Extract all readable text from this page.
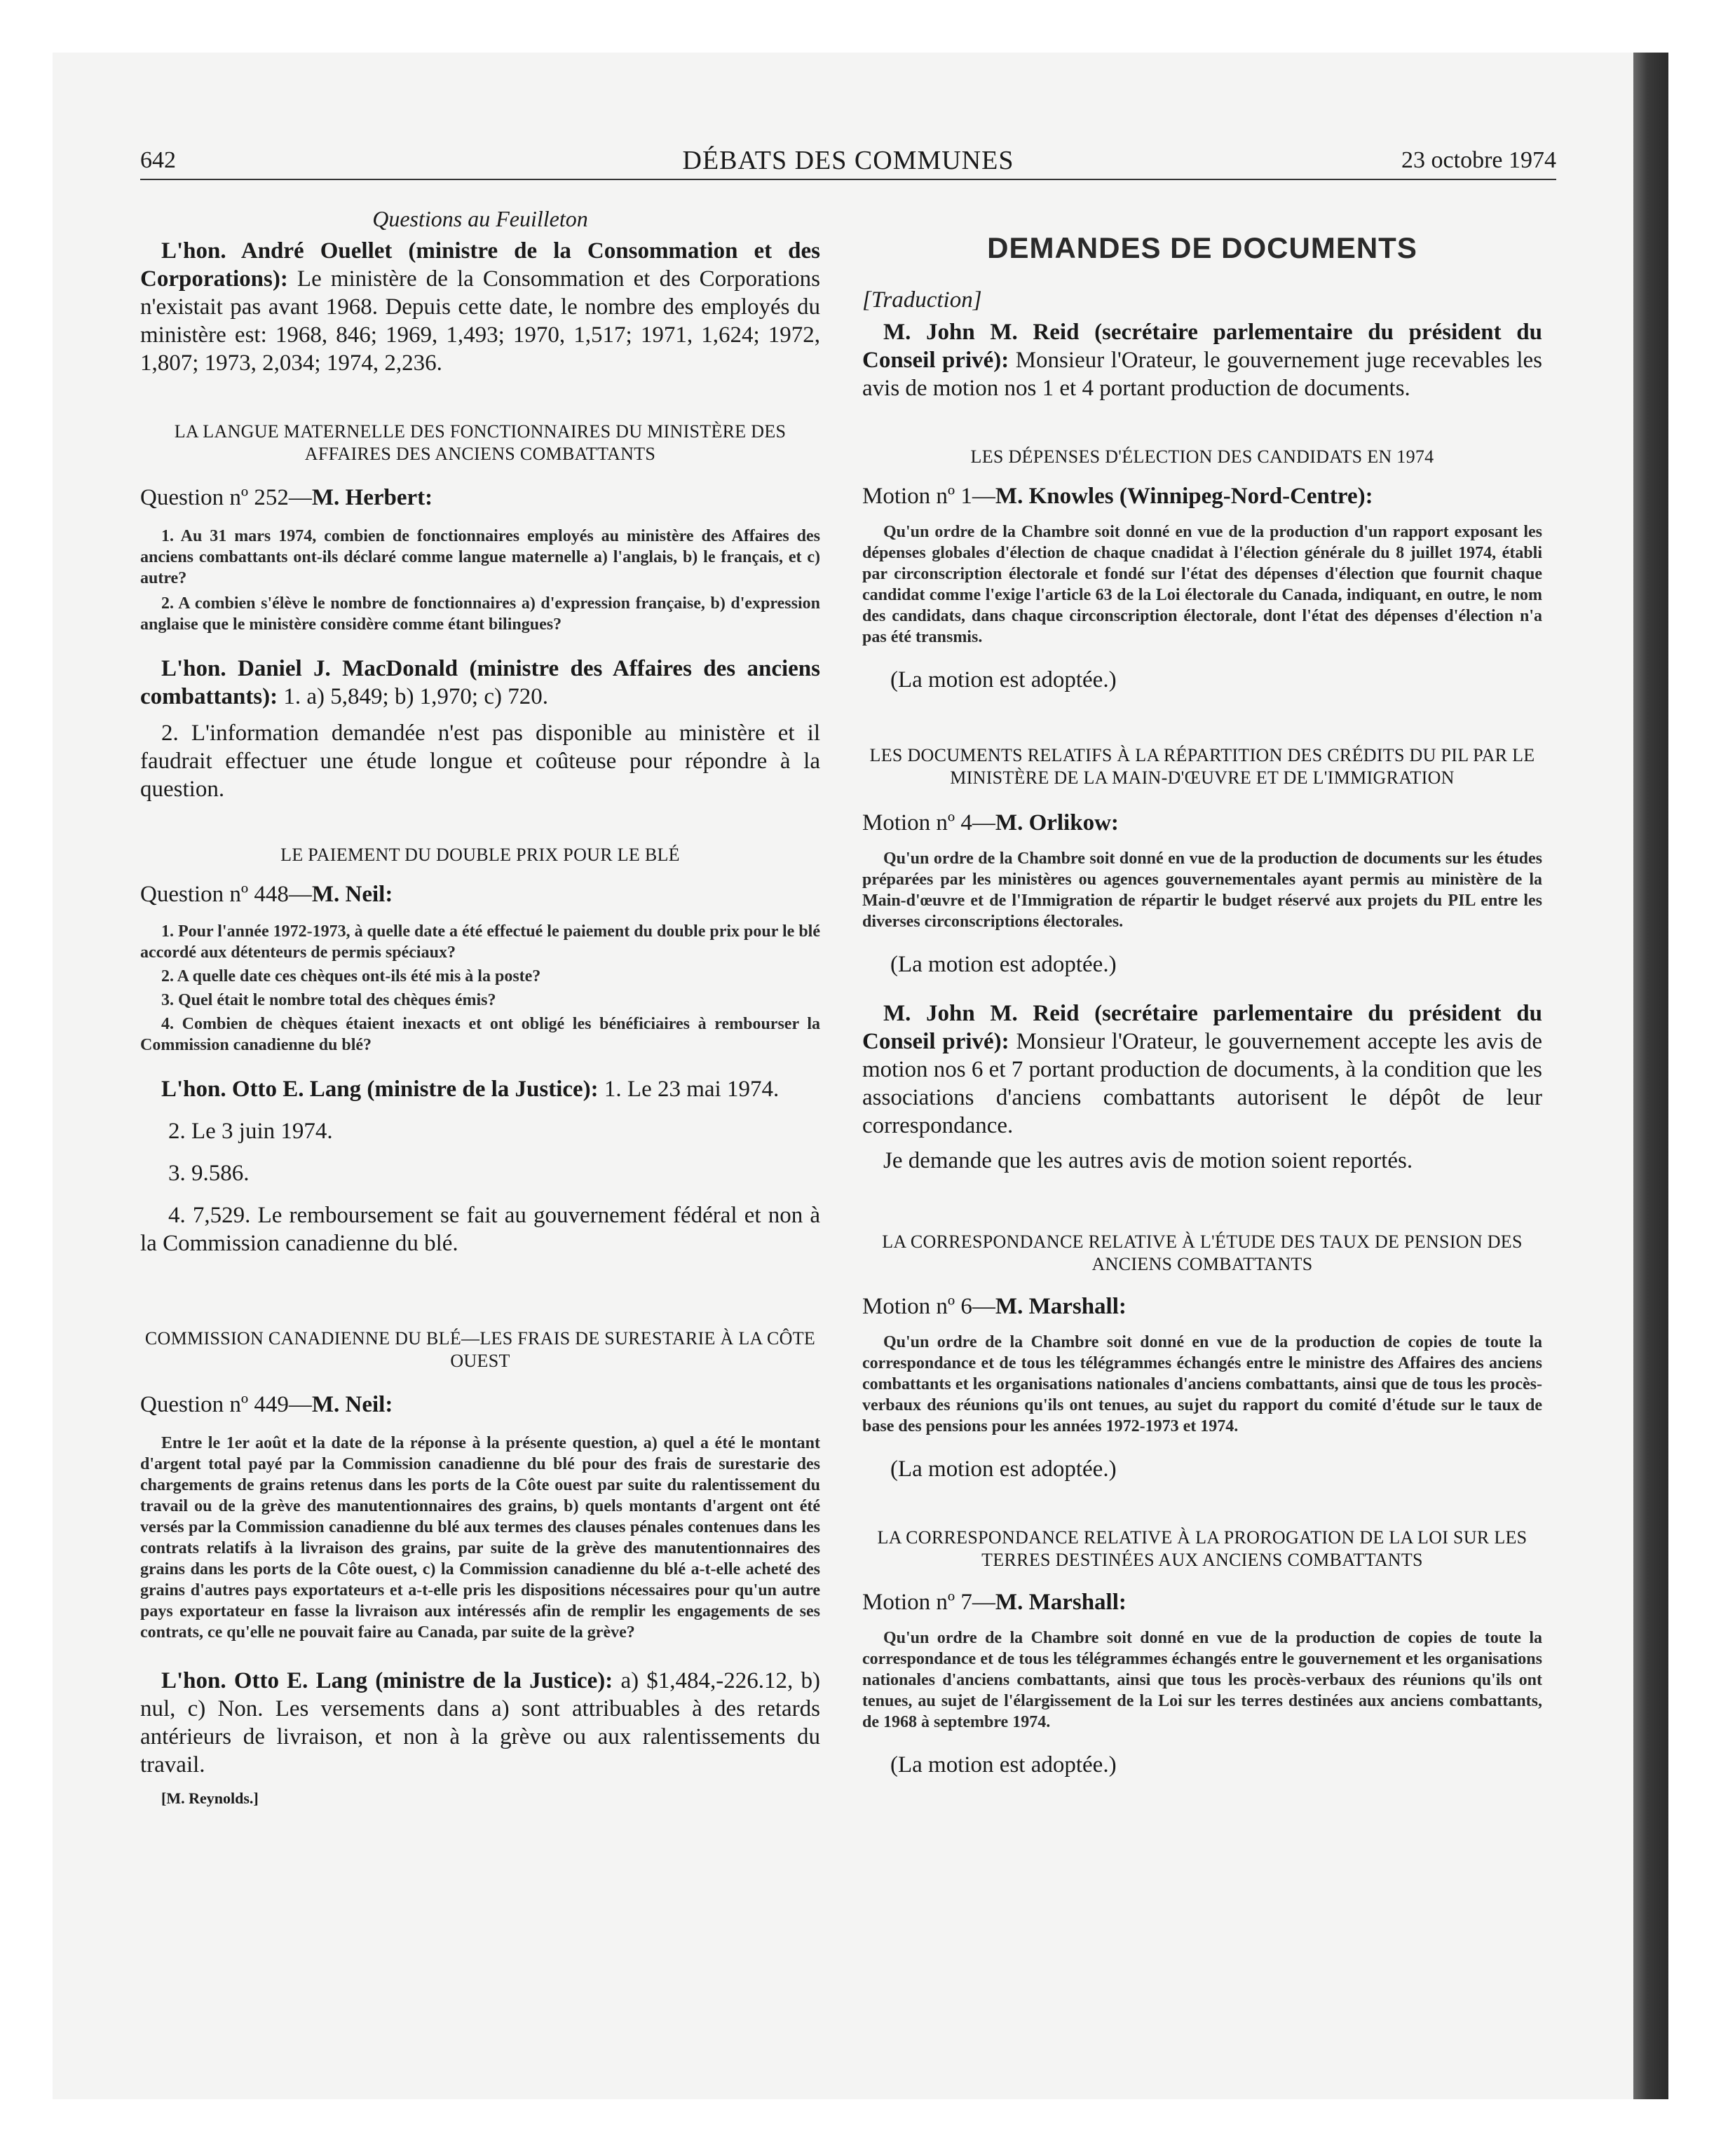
642	DÉBATS DES COMMUNES	23 octobre 1974

Questions au Feuilleton

L'hon. André Ouellet (ministre de la Consommation et des Corporations): Le ministère de la Consommation et des Corporations n'existait pas avant 1968. Depuis cette date, le nombre des employés du ministère est: 1968, 846; 1969, 1,493; 1970, 1,517; 1971, 1,624; 1972, 1,807; 1973, 2,034; 1974, 2,236.

LA LANGUE MATERNELLE DES FONCTIONNAIRES DU MINISTÈRE DES AFFAIRES DES ANCIENS COMBATTANTS

Question nº 252—M. Herbert:

1. Au 31 mars 1974, combien de fonctionnaires employés au ministère des Affaires des anciens combattants ont-ils déclaré comme langue maternelle a) l'anglais, b) le français, et c) autre?

2. A combien s'élève le nombre de fonctionnaires a) d'expression française, b) d'expression anglaise que le ministère considère comme étant bilingues?

L'hon. Daniel J. MacDonald (ministre des Affaires des anciens combattants): 1. a) 5,849; b) 1,970; c) 720.

2. L'information demandée n'est pas disponible au ministère et il faudrait effectuer une étude longue et coûteuse pour répondre à la question.

LE PAIEMENT DU DOUBLE PRIX POUR LE BLÉ

Question nº 448—M. Neil:

1. Pour l'année 1972-1973, à quelle date a été effectué le paiement du double prix pour le blé accordé aux détenteurs de permis spéciaux?

2. A quelle date ces chèques ont-ils été mis à la poste?

3. Quel était le nombre total des chèques émis?

4. Combien de chèques étaient inexacts et ont obligé les bénéficiaires à rembourser la Commission canadienne du blé?

L'hon. Otto E. Lang (ministre de la Justice): 1. Le 23 mai 1974.

2. Le 3 juin 1974.

3. 9.586.

4. 7,529. Le remboursement se fait au gouvernement fédéral et non à la Commission canadienne du blé.

COMMISSION CANADIENNE DU BLÉ—LES FRAIS DE SURESTARIE À LA CÔTE OUEST

Question nº 449—M. Neil:

Entre le 1er août et la date de la réponse à la présente question, a) quel a été le montant d'argent total payé par la Commission canadienne du blé pour des frais de surestarie des chargements de grains retenus dans les ports de la Côte ouest par suite du ralentissement du travail ou de la grève des manutentionnaires des grains, b) quels montants d'argent ont été versés par la Commission canadienne du blé aux termes des clauses pénales contenues dans les contrats relatifs à la livraison des grains, par suite de la grève des manutentionnaires des grains dans les ports de la Côte ouest, c) la Commission canadienne du blé a-t-elle acheté des grains d'autres pays exportateurs et a-t-elle pris les dispositions nécessaires pour qu'un autre pays exportateur en fasse la livraison aux intéressés afin de remplir les engagements de ses contrats, ce qu'elle ne pouvait faire au Canada, par suite de la grève?

L'hon. Otto E. Lang (ministre de la Justice): a) $1,484,-226.12, b) nul, c) Non. Les versements dans a) sont attribuables à des retards antérieurs de livraison, et non à la grève ou aux ralentissements du travail.

[M. Reynolds.]

DEMANDES DE DOCUMENTS

[Traduction]

M. John M. Reid (secrétaire parlementaire du président du Conseil privé): Monsieur l'Orateur, le gouvernement juge recevables les avis de motion nos 1 et 4 portant production de documents.

LES DÉPENSES D'ÉLECTION DES CANDIDATS EN 1974

Motion nº 1—M. Knowles (Winnipeg-Nord-Centre):

Qu'un ordre de la Chambre soit donné en vue de la production d'un rapport exposant les dépenses globales d'élection de chaque cnadidat à l'élection générale du 8 juillet 1974, établi par circonscription électorale et fondé sur l'état des dépenses d'élection que fournit chaque candidat comme l'exige l'article 63 de la Loi électorale du Canada, indiquant, en outre, le nom des candidats, dans chaque circonscription électorale, dont l'état des dépenses d'élection n'a pas été transmis.

(La motion est adoptée.)

LES DOCUMENTS RELATIFS À LA RÉPARTITION DES CRÉDITS DU PIL PAR LE MINISTÈRE DE LA MAIN-D'ŒUVRE ET DE L'IMMIGRATION

Motion nº 4—M. Orlikow:

Qu'un ordre de la Chambre soit donné en vue de la production de documents sur les études préparées par les ministères ou agences gouvernementales ayant permis au ministère de la Main-d'œuvre et de l'Immigration de répartir le budget réservé aux projets du PIL entre les diverses circonscriptions électorales.

(La motion est adoptée.)

M. John M. Reid (secrétaire parlementaire du président du Conseil privé): Monsieur l'Orateur, le gouvernement accepte les avis de motion nos 6 et 7 portant production de documents, à la condition que les associations d'anciens combattants autorisent le dépôt de leur correspondance.

Je demande que les autres avis de motion soient reportés.

LA CORRESPONDANCE RELATIVE À L'ÉTUDE DES TAUX DE PENSION DES ANCIENS COMBATTANTS

Motion nº 6—M. Marshall:

Qu'un ordre de la Chambre soit donné en vue de la production de copies de toute la correspondance et de tous les télégrammes échangés entre le ministre des Affaires des anciens combattants et les organisations nationales d'anciens combattants, ainsi que de tous les procès-verbaux des réunions qu'ils ont tenues, au sujet du rapport du comité d'étude sur le taux de base des pensions pour les années 1972-1973 et 1974.

(La motion est adoptée.)

LA CORRESPONDANCE RELATIVE À LA PROROGATION DE LA LOI SUR LES TERRES DESTINÉES AUX ANCIENS COMBATTANTS

Motion nº 7—M. Marshall:

Qu'un ordre de la Chambre soit donné en vue de la production de copies de toute la correspondance et de tous les télégrammes échangés entre le gouvernement et les organisations nationales d'anciens combattants, ainsi que tous les procès-verbaux des réunions qu'ils ont tenues, au sujet de l'élargissement de la Loi sur les terres destinées aux anciens combattants, de 1968 à septembre 1974.

(La motion est adoptée.)
